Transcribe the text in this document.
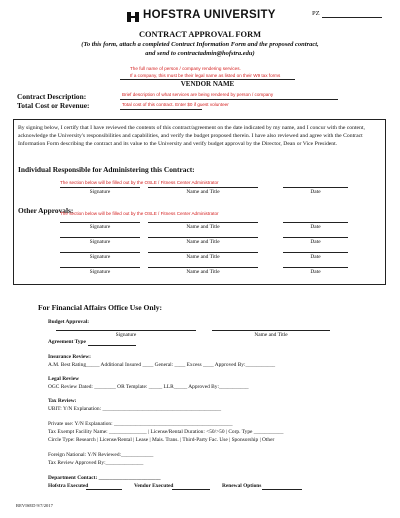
PZ
HOFSTRA UNIVERSITY
CONTRACT APPROVAL FORM
(To this form, attach a completed Contract Information Form and the proposed contract,
and send to contractadmin@hofstra.edu)
The full name of person / company rendering services.
If a company, this must be their legal name as listed on their W9 tax forms
VENDOR NAME
Contract Description:	Brief description of what services are being rendered by person / company
Total Cost or Revenue:	Total cost of this contract. Enter $0 if guest volunteer
By signing below, I certify that I have reviewed the contents of this contract/agreement on the date indicated by my name, and I concur with the content, acknowledge the University's responsibilities and capabilities, and verify the budget proposed therein. I have also reviewed and agree with the Contract Information Form describing the contract and its value to the University and verify budget approval by the Director, Dean or Vice President.
Individual Responsible for Administering this Contract:
The section below will be filled out by the OSLE / Fitness Center Administrator
Signature	Name and Title	Date
Other Approvals:
The section below will be filled out by the OSLE / Fitness Center Administrator
Signature	Name and Title	Date
Signature	Name and Title	Date
Signature	Name and Title	Date
Signature	Name and Title	Date
For Financial Affairs Office Use Only:
Budget Approval:
Signature	Name and Title
Agreement Type
Insurance Review:
A.M. Best Rating_____ Additional Insured ____ General: ____ Excess ____ Approved By:___________
Legal Review
OGC Review Dated: ________ OR Template: _____ LLR_____ Approved By:___________
Tax Review:
UBIT: Y/N Explanation: ____________________________________________
Private use: Y/N Explanation: ____________________________________________
Tax Exempt Facility Name: ______________ | License/Rental Duration: <50/>50 | Corp. Type ___________
Circle Type: Research | License/Rental | Lease | Mais. Trans. | Third-Party Fac. Use | Sponsorship | Other
Foreign National: Y/N Reviewed:____________
Tax Review Approved By:______________
Department Contact: _______________________
Hofstra Executed	Vendor Executed	Renewal Options
REVISED 9/7/2017
